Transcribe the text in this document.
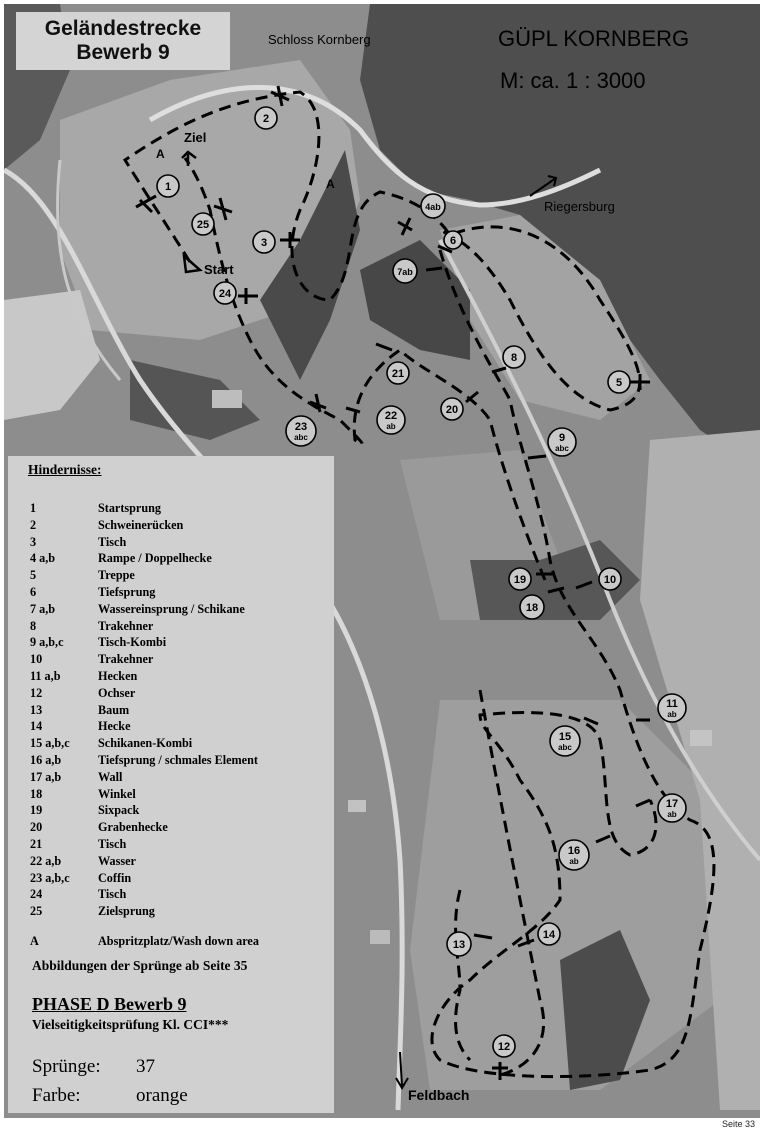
1
2
3
4ab
5
6
7ab
8
9
abc
10
11
ab
12
13
14
15
abc
16
ab
17
ab
18
19
20
21
22
ab
23
abc
24
25
Schloss Kornberg	GÜPL KORNBERG
M: ca. 1 : 3000
Riegersburg
Feldbach
Ziel
Start
A
A
Geländestrecke
Bewerb 9
Hindernisse:
1	Startsprung
2	Schweinerücken
3	Tisch
4 a,b	Rampe / Doppelhecke
5	Treppe
6	Tiefsprung
7 a,b	Wassereinsprung / Schikane
8	Trakehner
9 a,b,c	Tisch-Kombi
10	Trakehner
11 a,b	Hecken
12	Ochser
13	Baum
14	Hecke
15 a,b,c Schikanen-Kombi
16 a,b	Tiefsprung / schmales Element
17 a,b	Wall
18	Winkel
19	Sixpack
20	Grabenhecke
21	Tisch
22 a,b	Wasser
23 a,b,c Coffin
24	Tisch
25	Zielsprung
A	Abspritzplatz/Wash down area
Abbildungen der Sprünge ab Seite 35
PHASE D Bewerb 9
Vielseitigkeitsprüfung Kl. CCI***
Sprünge: 37
Farbe:	orange
Seite 33
